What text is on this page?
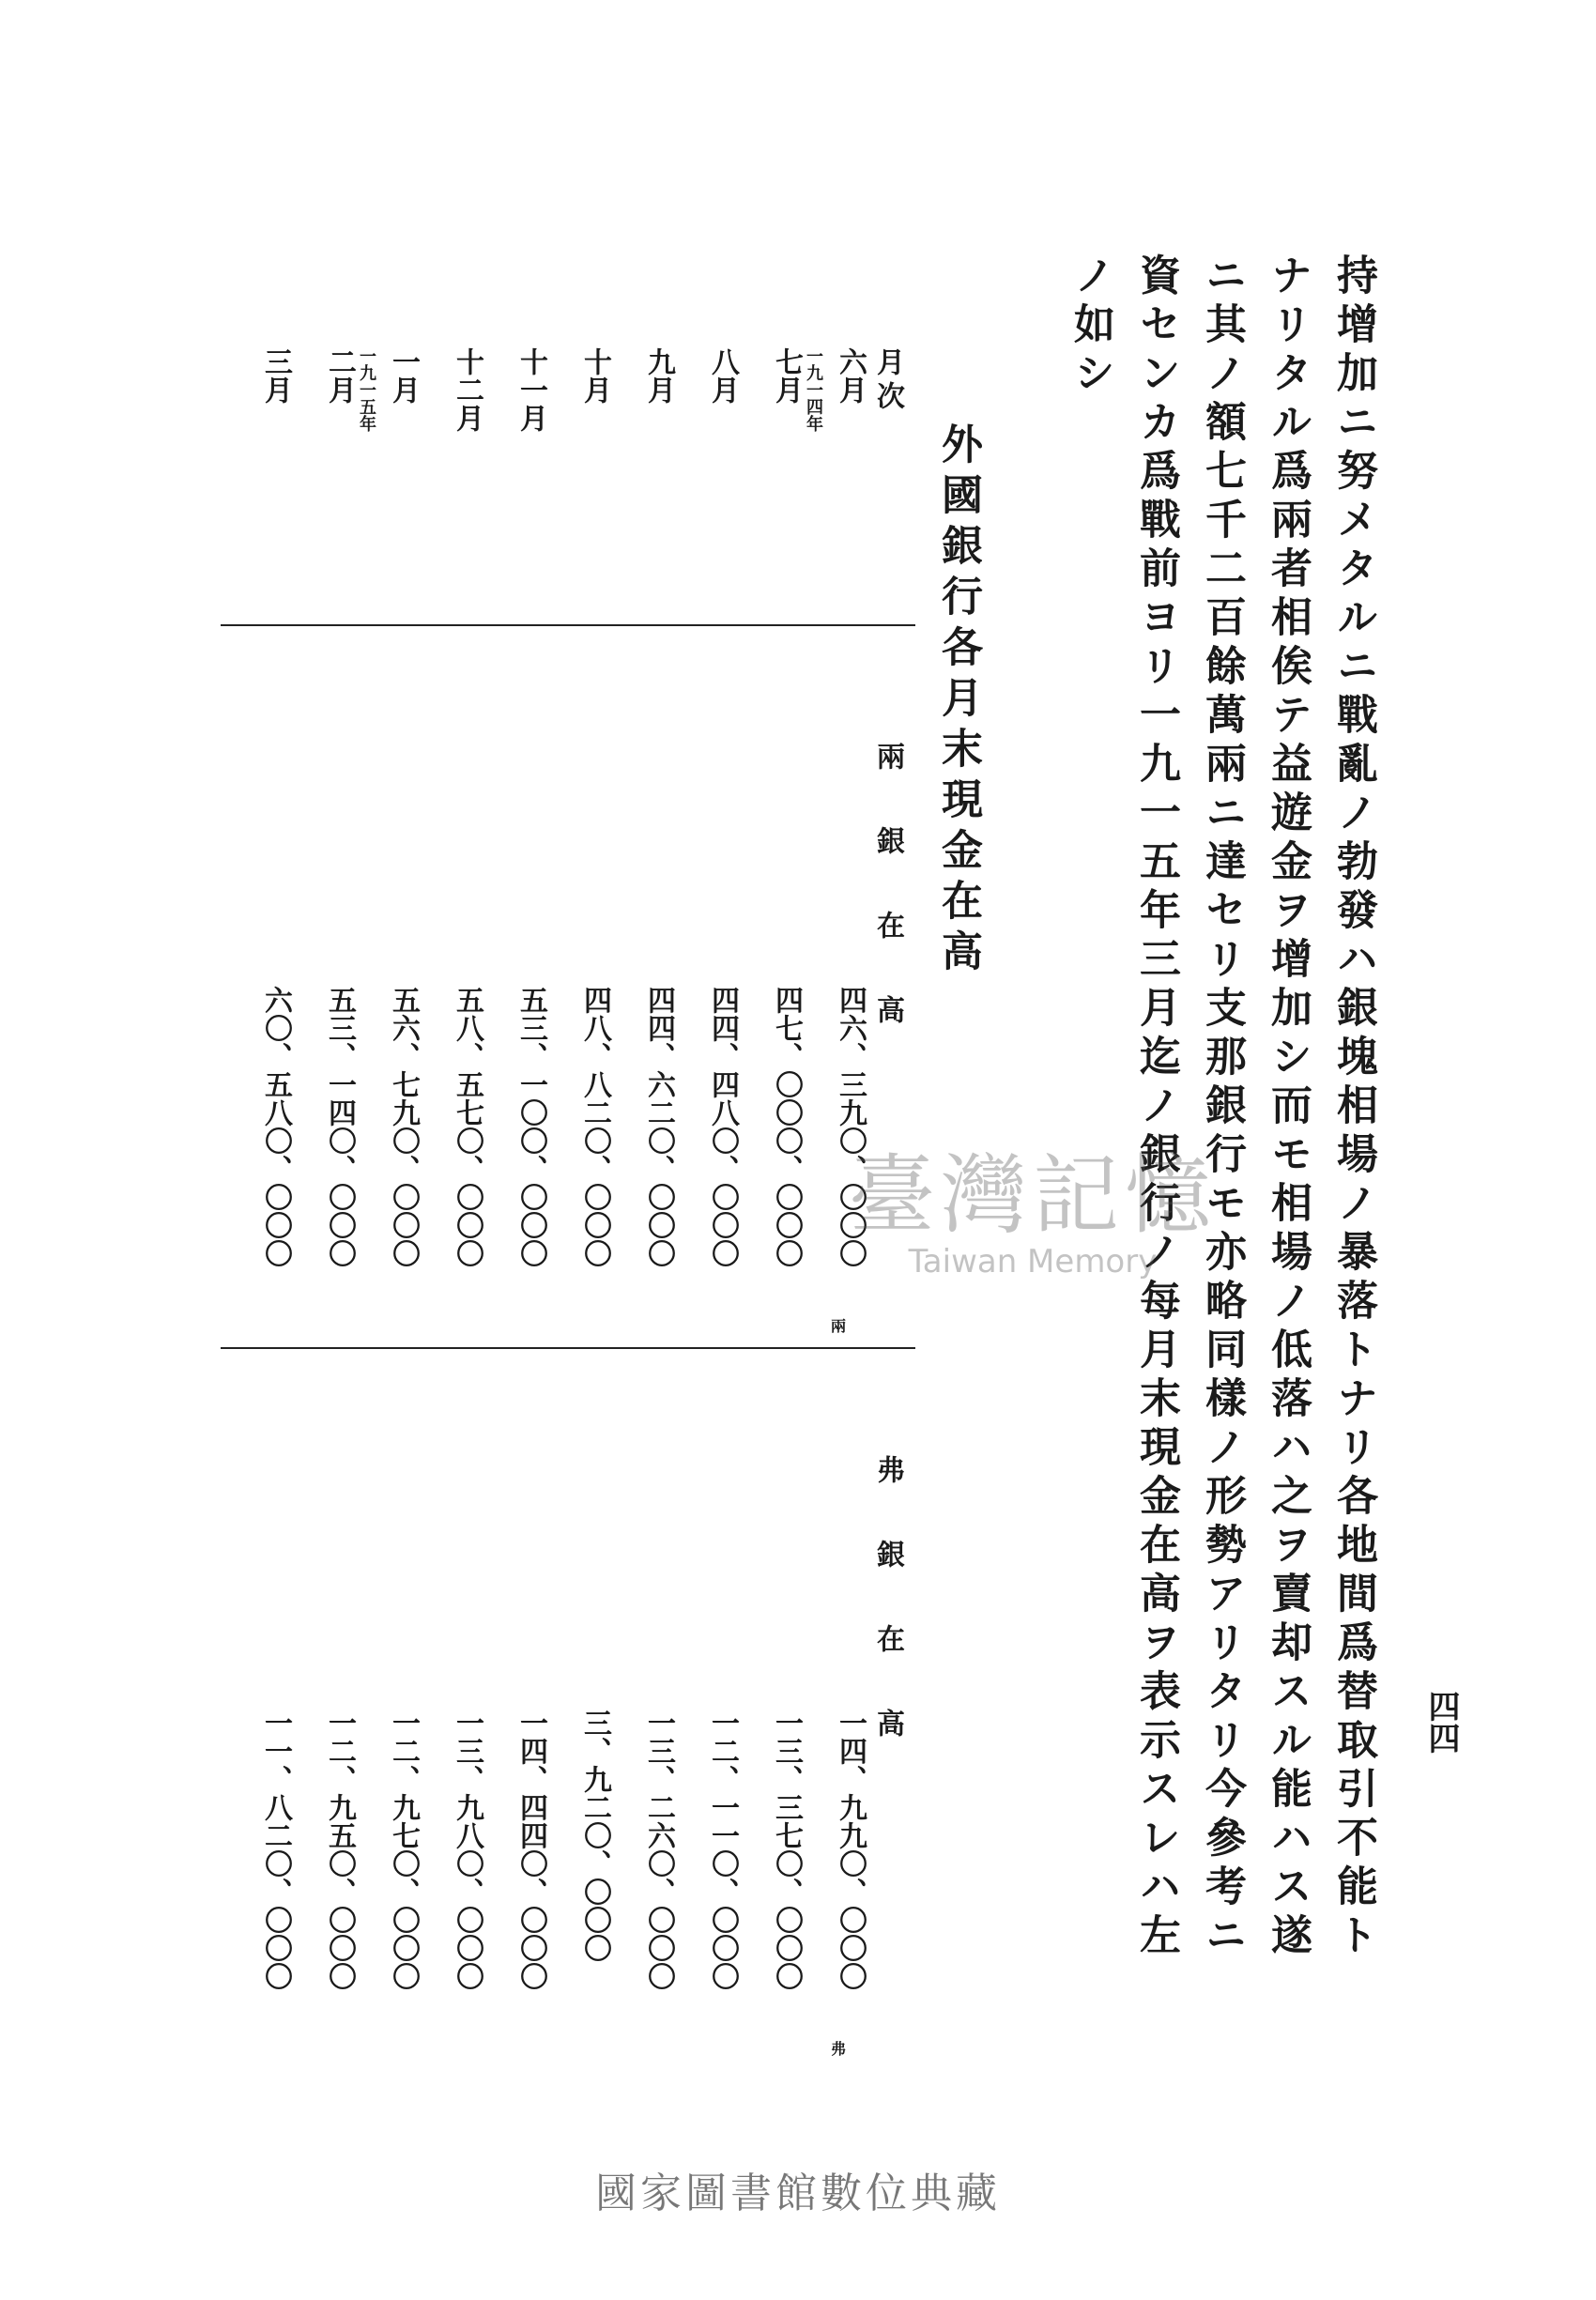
四四
持增加ニ努メタルニ戰亂ノ勃發ハ銀塊相場ノ暴落トナリ各地間爲替取引不能ト
ナリタル爲兩者相俟テ益遊金ヲ增加シ而モ相場ノ低落ハ之ヲ賣却スル能ハス遂
ニ其ノ額七千二百餘萬兩ニ達セリ支那銀行モ亦略同樣ノ形勢アリタリ今參考ニ
資センカ爲戰前ヨリ一九一五年三月迄ノ銀行ノ每月末現金在高ヲ表示スレハ左
ノ如シ
外國銀行各月末現金在高
月次
兩銀在高
弗銀在高
兩
弗
六月
一九一四年
四六、三九〇、〇〇〇
一四、九九〇、〇〇〇
七月
四七、〇〇〇、〇〇〇
一三、三七〇、〇〇〇
八月
四四、四八〇、〇〇〇
一二、一一〇、〇〇〇
九月
四四、六二〇、〇〇〇
一三、二六〇、〇〇〇
十月
四八、八二〇、〇〇〇
三、九二〇、〇〇〇
十一月
五三、一〇〇、〇〇〇
一四、四四〇、〇〇〇
十二月
五八、五七〇、〇〇〇
一三、九八〇、〇〇〇
一月
一九一五年
五六、七九〇、〇〇〇
一二、九七〇、〇〇〇
二月
五三、一四〇、〇〇〇
一二、九五〇、〇〇〇
三月
六〇、五八〇、〇〇〇
一一、八二〇、〇〇〇
臺灣記憶
Taiwan Memory
國家圖書館數位典藏
